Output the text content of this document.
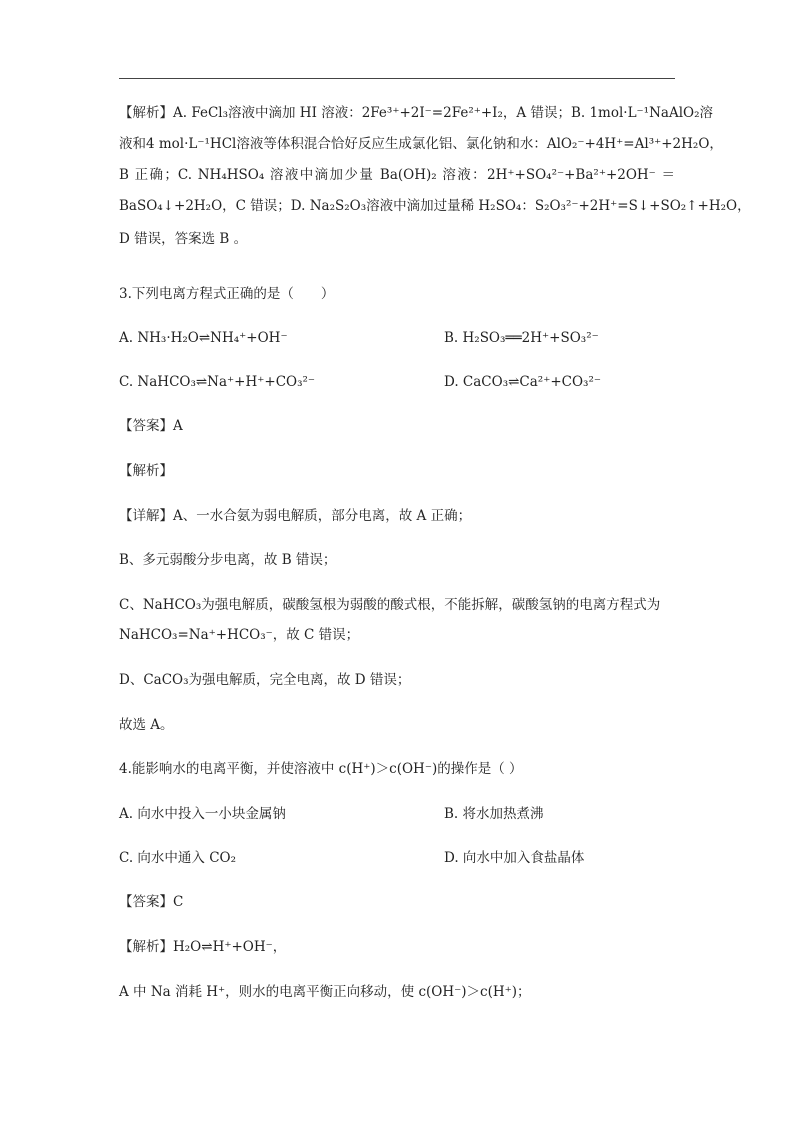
【解析】A. FeCl₃溶液中滴加 HI 溶液：2Fe³⁺+2I⁻=2Fe²⁺+I₂，A 错误；B. 1mol·L⁻¹NaAlO₂溶
液和4 mol·L⁻¹HCl溶液等体积混合恰好反应生成氯化铝、氯化钠和水：AlO₂⁻+4H⁺=Al³⁺+2H₂O，
B 正确；C. NH₄HSO₄ 溶液中滴加少量 Ba(OH)₂ 溶液：2H⁺+SO₄²⁻+Ba²⁺+2OH⁻ ＝
BaSO₄↓+2H₂O，C 错误；D. Na₂S₂O₃溶液中滴加过量稀 H₂SO₄：S₂O₃²⁻+2H⁺=S↓+SO₂↑+H₂O，
D 错误，答案选 B 。
3.下列电离方程式正确的是（　　）
A. NH₃·H₂O⇌NH₄⁺+OH⁻	B. H₂SO₃══2H⁺+SO₃²⁻
C. NaHCO₃⇌Na⁺+H⁺+CO₃²⁻	D. CaCO₃⇌Ca²⁺+CO₃²⁻
【答案】A
【解析】
【详解】A、一水合氨为弱电解质，部分电离，故 A 正确；
B、多元弱酸分步电离，故 B 错误；
C、NaHCO₃为强电解质，碳酸氢根为弱酸的酸式根，不能拆解，碳酸氢钠的电离方程式为
NaHCO₃=Na⁺+HCO₃⁻，故 C 错误；
D、CaCO₃为强电解质，完全电离，故 D 错误；
故选 A。
4.能影响水的电离平衡，并使溶液中 c(H⁺)＞c(OH⁻)的操作是（ ）
A. 向水中投入一小块金属钠	B. 将水加热煮沸
C. 向水中通入 CO₂	D. 向水中加入食盐晶体
【答案】C
【解析】H₂O⇌H⁺+OH⁻，
A 中 Na 消耗 H⁺，则水的电离平衡正向移动，使 c(OH⁻)＞c(H⁺)；
